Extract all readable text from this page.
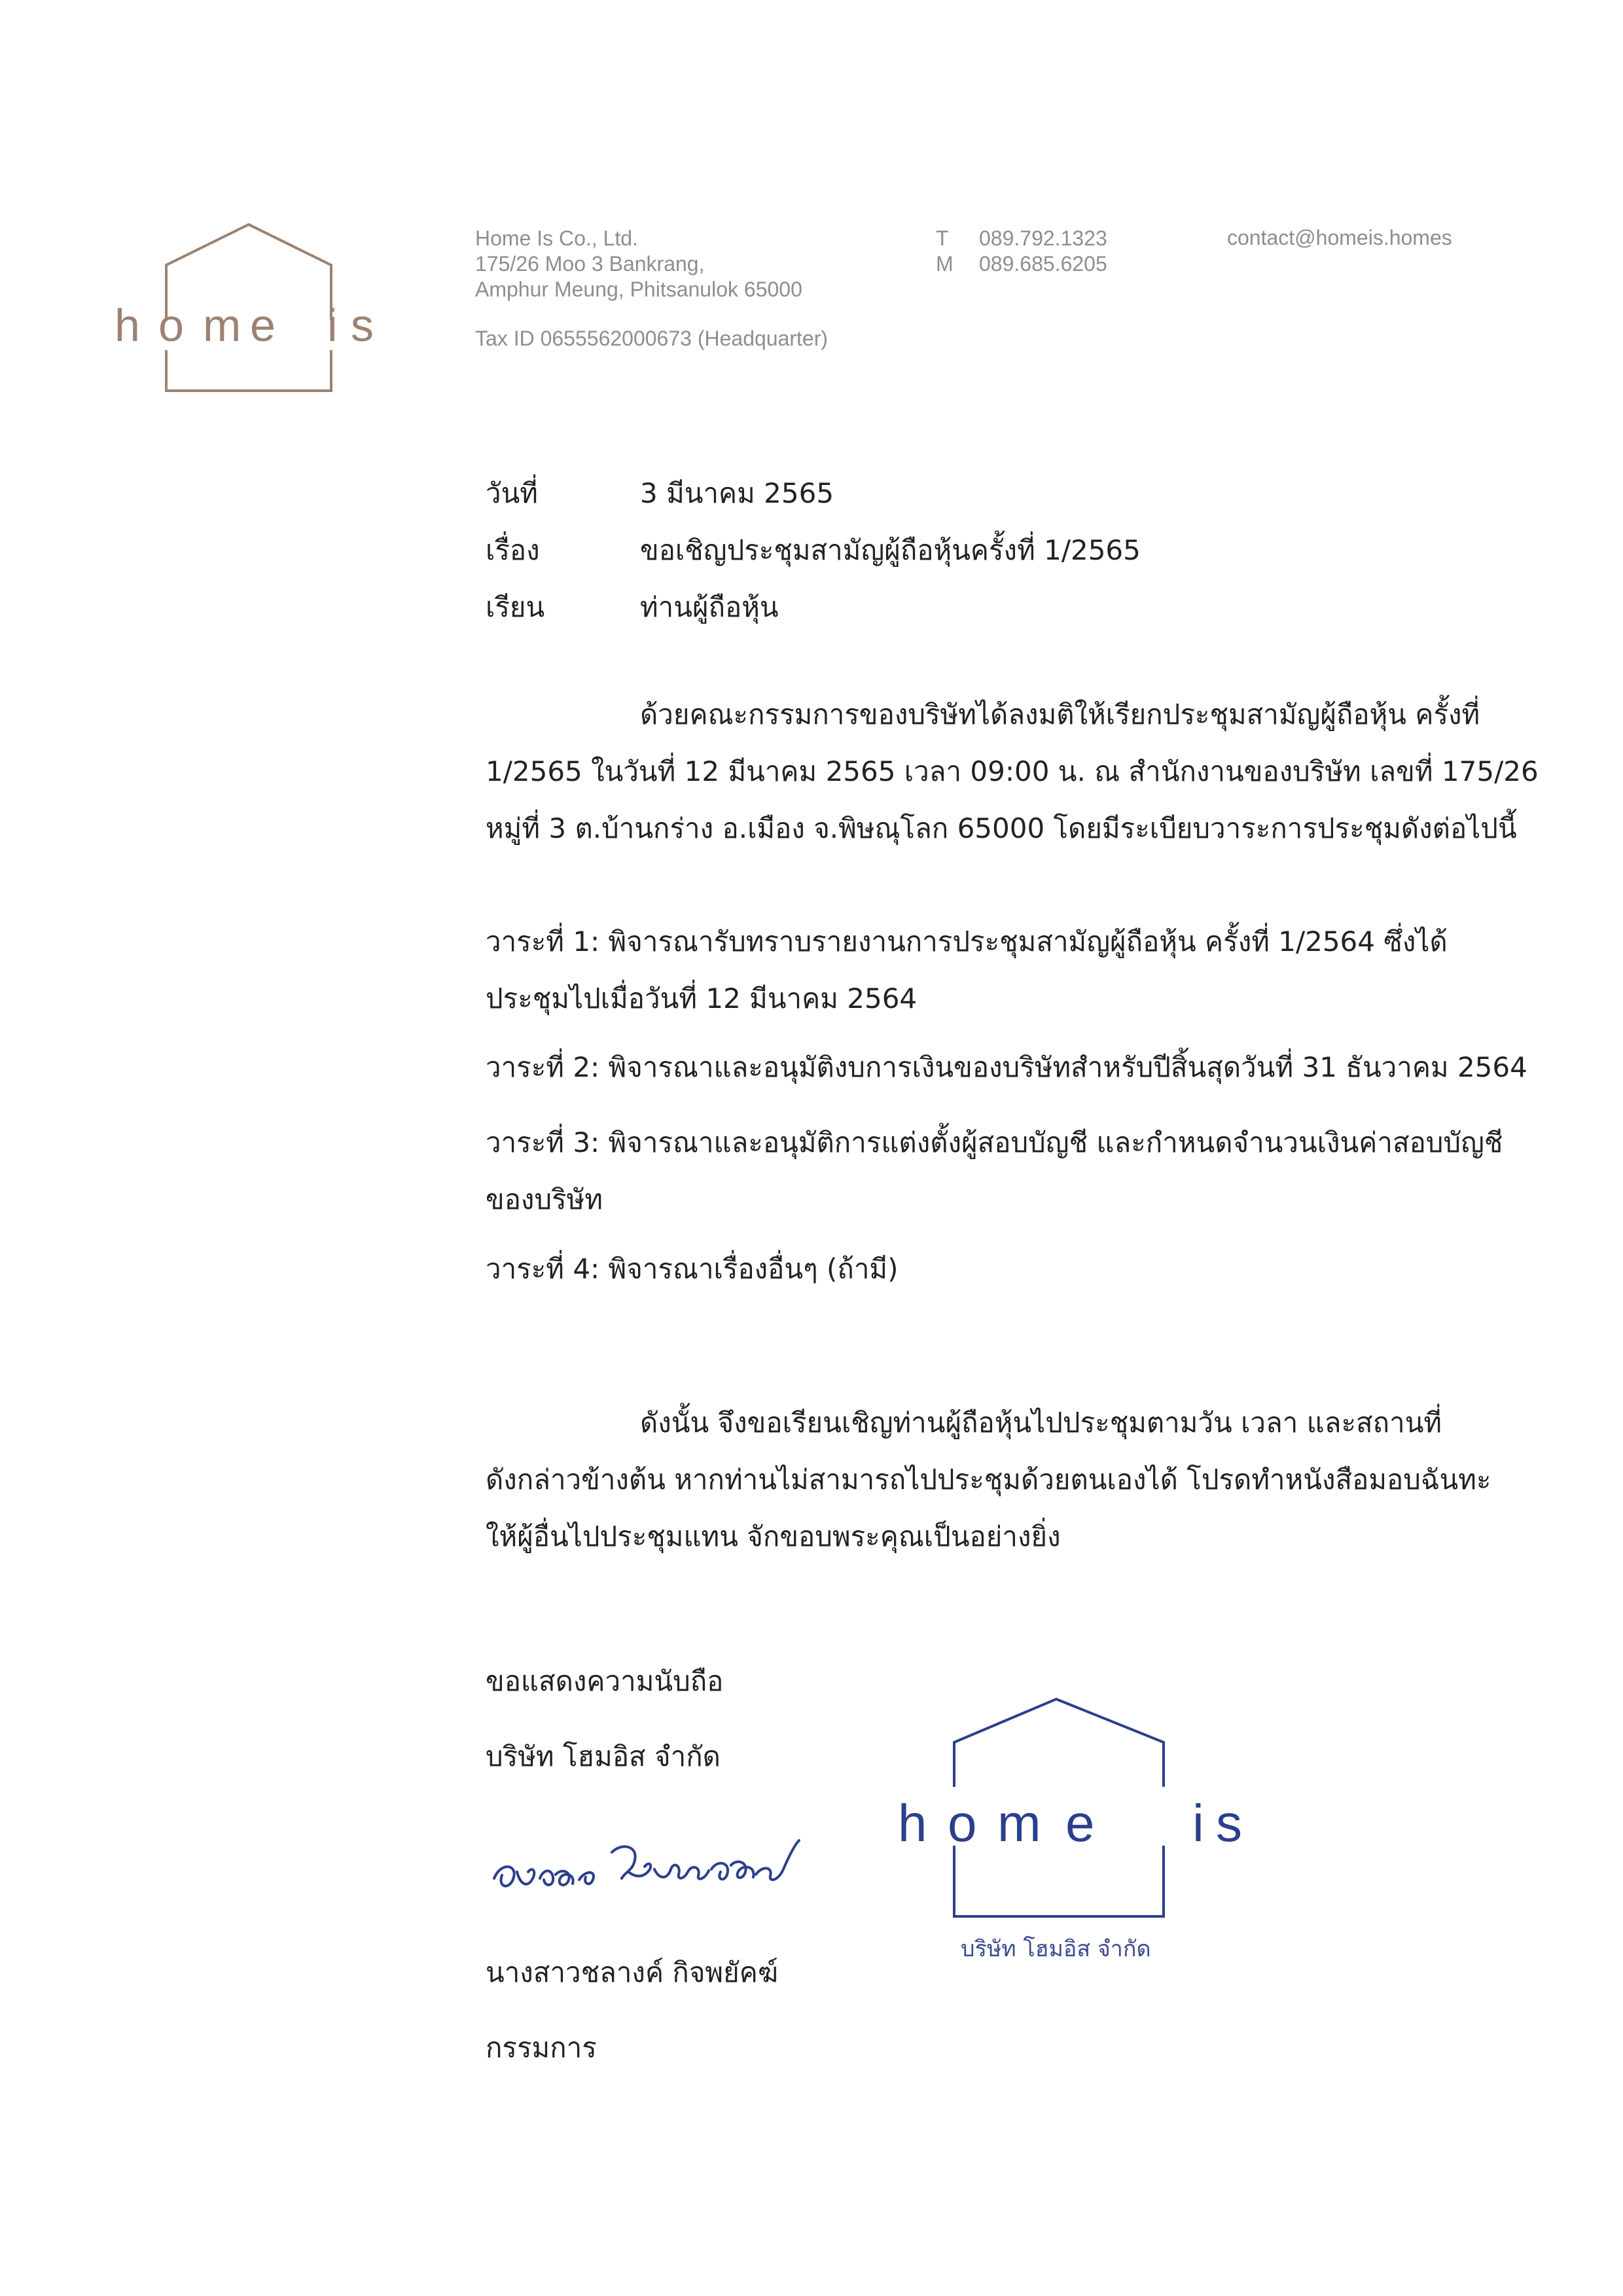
h o m e i s
Home Is Co., Ltd.
175/26 Moo 3 Bankrang,
Amphur Meung, Phitsanulok 65000
Tax ID 0655562000673 (Headquarter)
T 089.792.1323
M 089.685.6205
contact@homeis.homes
วันที่	3 มีนาคม 2565
เรื่อง	ขอเชิญประชุมสามัญผู้ถือหุ้นครั้งที่ 1/2565
เรียน	ท่านผู้ถือหุ้น
ด้วยคณะกรรมการของบริษัทได้ลงมติให้เรียกประชุมสามัญผู้ถือหุ้น ครั้งที่
1/2565 ในวันที่ 12 มีนาคม 2565 เวลา 09:00 น. ณ สำนักงานของบริษัท เลขที่ 175/26
หมู่ที่ 3 ต.บ้านกร่าง อ.เมือง จ.พิษณุโลก 65000 โดยมีระเบียบวาระการประชุมดังต่อไปนี้
วาระที่ 1: พิจารณารับทราบรายงานการประชุมสามัญผู้ถือหุ้น ครั้งที่ 1/2564 ซึ่งได้
ประชุมไปเมื่อวันที่ 12 มีนาคม 2564
วาระที่ 2: พิจารณาและอนุมัติงบการเงินของบริษัทสำหรับปีสิ้นสุดวันที่ 31 ธันวาคม 2564
วาระที่ 3: พิจารณาและอนุมัติการแต่งตั้งผู้สอบบัญชี และกำหนดจำนวนเงินค่าสอบบัญชี
ของบริษัท
วาระที่ 4: พิจารณาเรื่องอื่นๆ (ถ้ามี)
ดังนั้น จึงขอเรียนเชิญท่านผู้ถือหุ้นไปประชุมตามวัน เวลา และสถานที่
ดังกล่าวข้างต้น หากท่านไม่สามารถไปประชุมด้วยตนเองได้ โปรดทำหนังสือมอบฉันทะ
ให้ผู้อื่นไปประชุมแทน จักขอบพระคุณเป็นอย่างยิ่ง
ขอแสดงความนับถือ
บริษัท โฮมอิส จำกัด
h o m e i s
บริษัท โฮมอิส จำกัด
นางสาวชลางค์ กิจพยัคฆ์
กรรมการ
